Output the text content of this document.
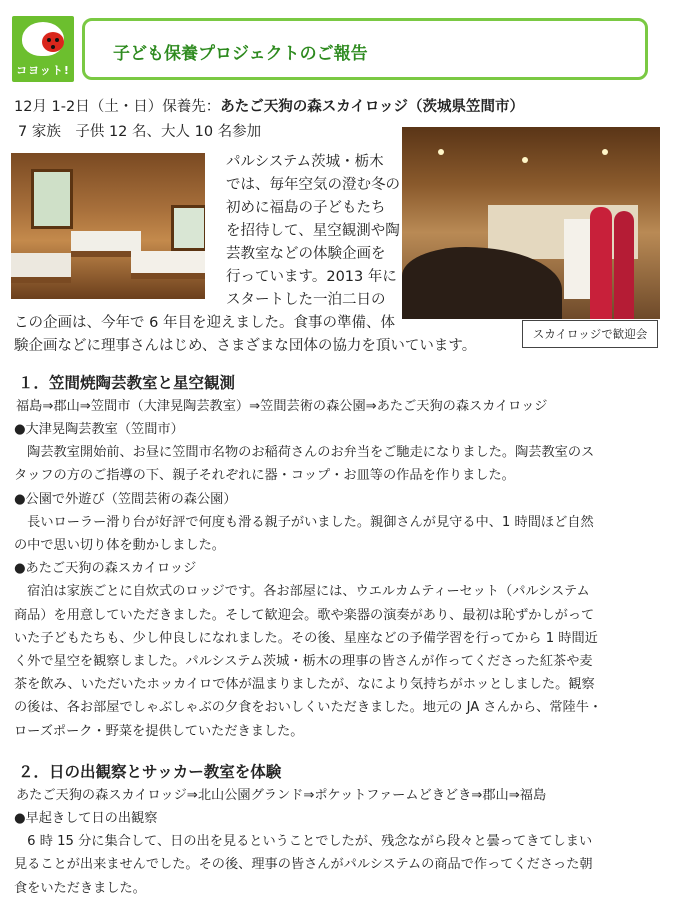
コヨット!
子ども保養プロジェクトのご報告
12月 1-2日（土・日）保養先：あたご天狗の森スカイロッジ（茨城県笠間市）
7 家族　子供 12 名、大人 10 名参加
パルシステム茨城・栃木
では、毎年空気の澄む冬の
初めに福島の子どもたち
を招待して、星空観測や陶
芸教室などの体験企画を
行っています。2013 年に
スタートした一泊二日の
この企画は、今年で 6 年目を迎えました。食事の準備、体
験企画などに理事さんはじめ、さまざまな団体の協力を頂いています。
スカイロッジで歓迎会
１．笠間焼陶芸教室と星空観測
福島⇒郡山⇒笠間市（大津晃陶芸教室）⇒笠間芸術の森公園⇒あたご天狗の森スカイロッジ
●大津晃陶芸教室（笠間市）
　陶芸教室開始前、お昼に笠間市名物のお稲荷さんのお弁当をご馳走になりました。陶芸教室のス
タッフの方のご指導の下、親子それぞれに器・コップ・お皿等の作品を作りました。
●公園で外遊び（笠間芸術の森公園）
　長いローラー滑り台が好評で何度も滑る親子がいました。親御さんが見守る中、1 時間ほど自然
の中で思い切り体を動かしました。
●あたご天狗の森スカイロッジ
　宿泊は家族ごとに自炊式のロッジです。各お部屋には、ウエルカムティーセット（パルシステム
商品）を用意していただきました。そして歓迎会。歌や楽器の演奏があり、最初は恥ずかしがって
いた子どもたちも、少し仲良しになれました。その後、星座などの予備学習を行ってから 1 時間近
く外で星空を観察しました。パルシステム茨城・栃木の理事の皆さんが作ってくださった紅茶や麦
茶を飲み、いただいたホッカイロで体が温まりましたが、なにより気持ちがホッとしました。観察
の後は、各お部屋でしゃぶしゃぶの夕食をおいしくいただきました。地元の JA さんから、常陸牛・
ローズポーク・野菜を提供していただきました。
２．日の出観察とサッカー教室を体験
あたご天狗の森スカイロッジ⇒北山公園グランド⇒ポケットファームどきどき⇒郡山⇒福島
●早起きして日の出観察
　6 時 15 分に集合して、日の出を見るということでしたが、残念ながら段々と曇ってきてしまい
見ることが出来ませんでした。その後、理事の皆さんがパルシステムの商品で作ってくださった朝
食をいただきました。
